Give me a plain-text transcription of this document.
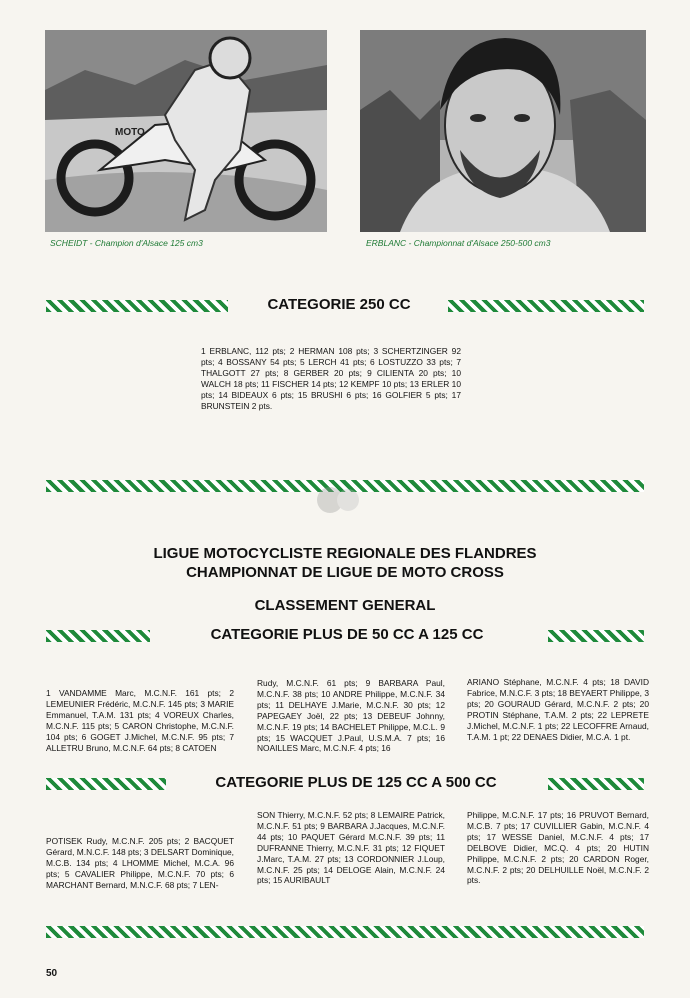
MOTO
SCHEIDT - Champion d'Alsace 125 cm3	ERBLANC - Championnat d'Alsace 250-500 cm3
CATEGORIE 250 CC
1 ERBLANC, 112 pts; 2 HERMAN 108 pts; 3 SCHERTZINGER 92 pts; 4 BOSSANY 54 pts; 5 LERCH 41 pts; 6 LOSTUZZO 33 pts; 7 THALGOTT 27 pts; 8 GERBER 20 pts; 9 CILIENTA 20 pts; 10 WALCH 18 pts; 11 FISCHER 14 pts; 12 KEMPF 10 pts; 13 ERLER 10 pts; 14 BIDEAUX 6 pts; 15 BRUSHI 6 pts; 16 GOLFIER 5 pts; 17 BRUNSTEIN 2 pts.
LIGUE MOTOCYCLISTE REGIONALE DES FLANDRES
CHAMPIONNAT DE LIGUE DE MOTO CROSS
CLASSEMENT GENERAL
CATEGORIE PLUS DE 50 CC A 125 CC
1 VANDAMME Marc, M.C.N.F. 161 pts; 2 LEMEUNIER Frédéric, M.C.N.F. 145 pts; 3 MARIE Emmanuel, T.A.M. 131 pts; 4 VOREUX Charles, M.C.N.F. 115 pts; 5 CARON Christophe, M.C.N.F. 104 pts; 6 GOGET J.Michel, M.C.N.F. 95 pts; 7 ALLETRU Bruno, M.C.N.F. 64 pts; 8 CATOEN
Rudy, M.C.N.F. 61 pts; 9 BARBARA Paul, M.C.N.F. 38 pts; 10 ANDRE Philippe, M.C.N.F. 34 pts; 11 DELHAYE J.Marie, M.C.N.F. 30 pts; 12 PAPEGAEY Joël, 22 pts; 13 DEBEUF Johnny, M.C.N.F. 19 pts; 14 BACHELET Philippe, M.C.L. 9 pts; 15 WACQUET J.Paul, U.S.M.A. 7 pts; 16 NOAILLES Marc, M.C.N.F. 4 pts; 16
ARIANO Stéphane, M.C.N.F. 4 pts; 18 DAVID Fabrice, M.N.C.F. 3 pts; 18 BEYAERT Philippe, 3 pts; 20 GOURAUD Gérard, M.C.N.F. 2 pts; 20 PROTIN Stéphane, T.A.M. 2 pts; 22 LEPRETE J.Michel, M.C.N.F. 1 pts; 22 LECOFFRE Arnaud, T.A.M. 1 pt; 22 DENAES Didier, M.C.A. 1 pt.
CATEGORIE PLUS DE 125 CC A 500 CC
POTISEK Rudy, M.C.N.F. 205 pts; 2 BACQUET Gérard, M.N.C.F. 148 pts; 3 DELSART Dominique, M.C.B. 134 pts; 4 LHOMME Michel, M.C.A. 96 pts; 5 CAVALIER Philippe, M.C.N.F. 70 pts; 6 MARCHANT Bernard, M.N.C.F. 68 pts; 7 LEN-
SON Thierry, M.C.N.F. 52 pts; 8 LEMAIRE Patrick, M.C.N.F. 51 pts; 9 BARBARA J.Jacques, M.C.N.F. 44 pts; 10 PAQUET Gérard M.C.N.F. 39 pts; 11 DUFRANNE Thierry, M.C.N.F. 31 pts; 12 FIQUET J.Marc, T.A.M. 27 pts; 13 CORDONNIER J.Loup, M.C.N.F. 25 pts; 14 DELOGE Alain, M.C.N.F. 24 pts; 15 AURIBAULT
Philippe, M.C.N.F. 17 pts; 16 PRUVOT Bernard, M.C.B. 7 pts; 17 CUVILLIER Gabin, M.C.N.F. 4 pts; 17 WESSE Daniel, M.C.N.F. 4 pts; 17 DELBOVE Didier, MC.Q. 4 pts; 20 HUTIN Philippe, M.C.N.F. 2 pts; 20 CARDON Roger, M.C.N.F. 2 pts; 20 DELHUILLE Noël, M.C.N.F. 2 pts.
50
